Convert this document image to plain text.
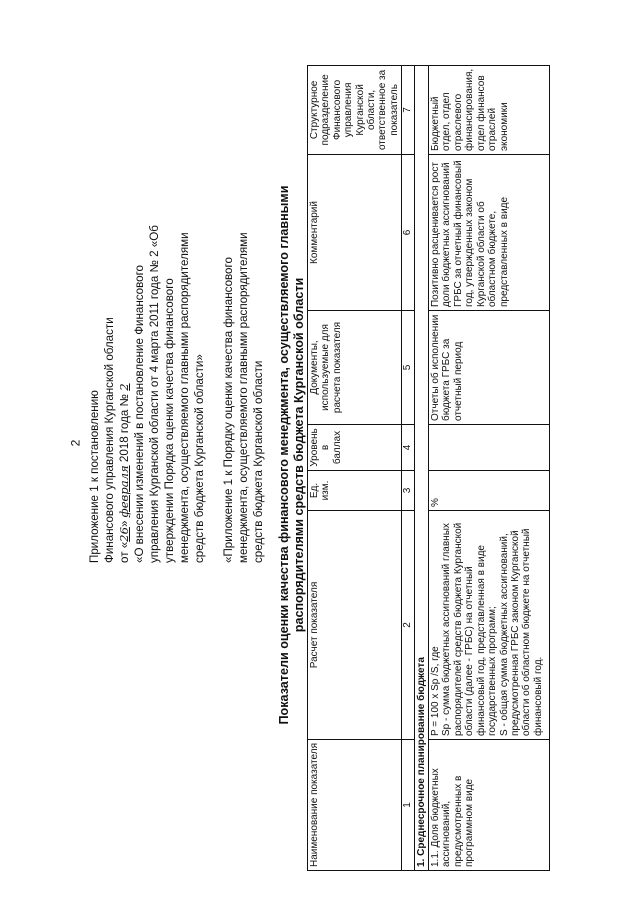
2 Приложение 1 к постановлению Финансового управления Курганской области от «26» февраля 2018 года № 2 «О внесении изменений в постановление Финансового управления Курганской области от 4 марта 2011 года № 2 «Об утверждении Порядка оценки качества финансового менеджмента, осуществляемого главными распорядителями средств бюджета Курганской области» «Приложение 1 к Порядку оценки качества финансового менеджмента, осуществляемого главными распорядителями средств бюджета Курганской области Показатели оценки качества финансового менеджмента, осуществляемого главными распорядителями средств бюджета Курганской области
Наименование показателя	Расчет показателя	Ед. изм.	Уровень в баллах	Документы, используемые для расчета показателя	Комментарий	Структурное подразделение Финансового управления Курганской области, ответственное за показатель
1	2	3	4	5	6	7
1. Среднесрочное планирование бюджета						
1.1. Доля бюджетных ассигнований, предусмотренных в программном виде	P = 100 x Sp /S, где Sp - сумма бюджетных ассигнований главных распорядителей средств бюджета Курганской области (далее - ГРБС) на отчетный финансовый год, представленная в виде государственных программ; S - общая сумма бюджетных ассигнований, предусмотренная ГРБС законом Курганской области об областном бюджете на отчетный финансовый год.	%		Отчеты об исполнении бюджета ГРБС за отчетный период	Позитивно расценивается рост доли бюджетных ассигнований ГРБС за отчетный финансовый год, утвержденных законом Курганской области об областном бюджете, представленных в виде	Бюджетный отдел, отдел отраслевого финансирования, отдел финансов отраслей экономики
